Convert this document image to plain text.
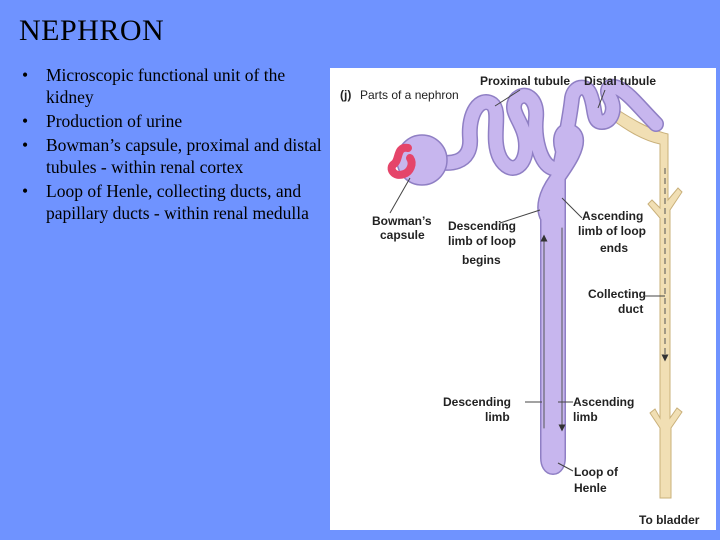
NEPHRON
• Microscopic functional unit of the kidney
• Production of urine
• Bowman’s capsule, proximal and distal tubules - within renal cortex
• Loop of Henle, collecting ducts, and papillary ducts - within renal medulla
(j) Parts of a nephron
Proximal tubule Distal tubule
Bowman’s
capsule
Descending
limb of loop
begins
Ascending
limb of loop
ends
Collecting
duct
Descending
limb
Ascending
limb
Loop of
Henle
To bladder
